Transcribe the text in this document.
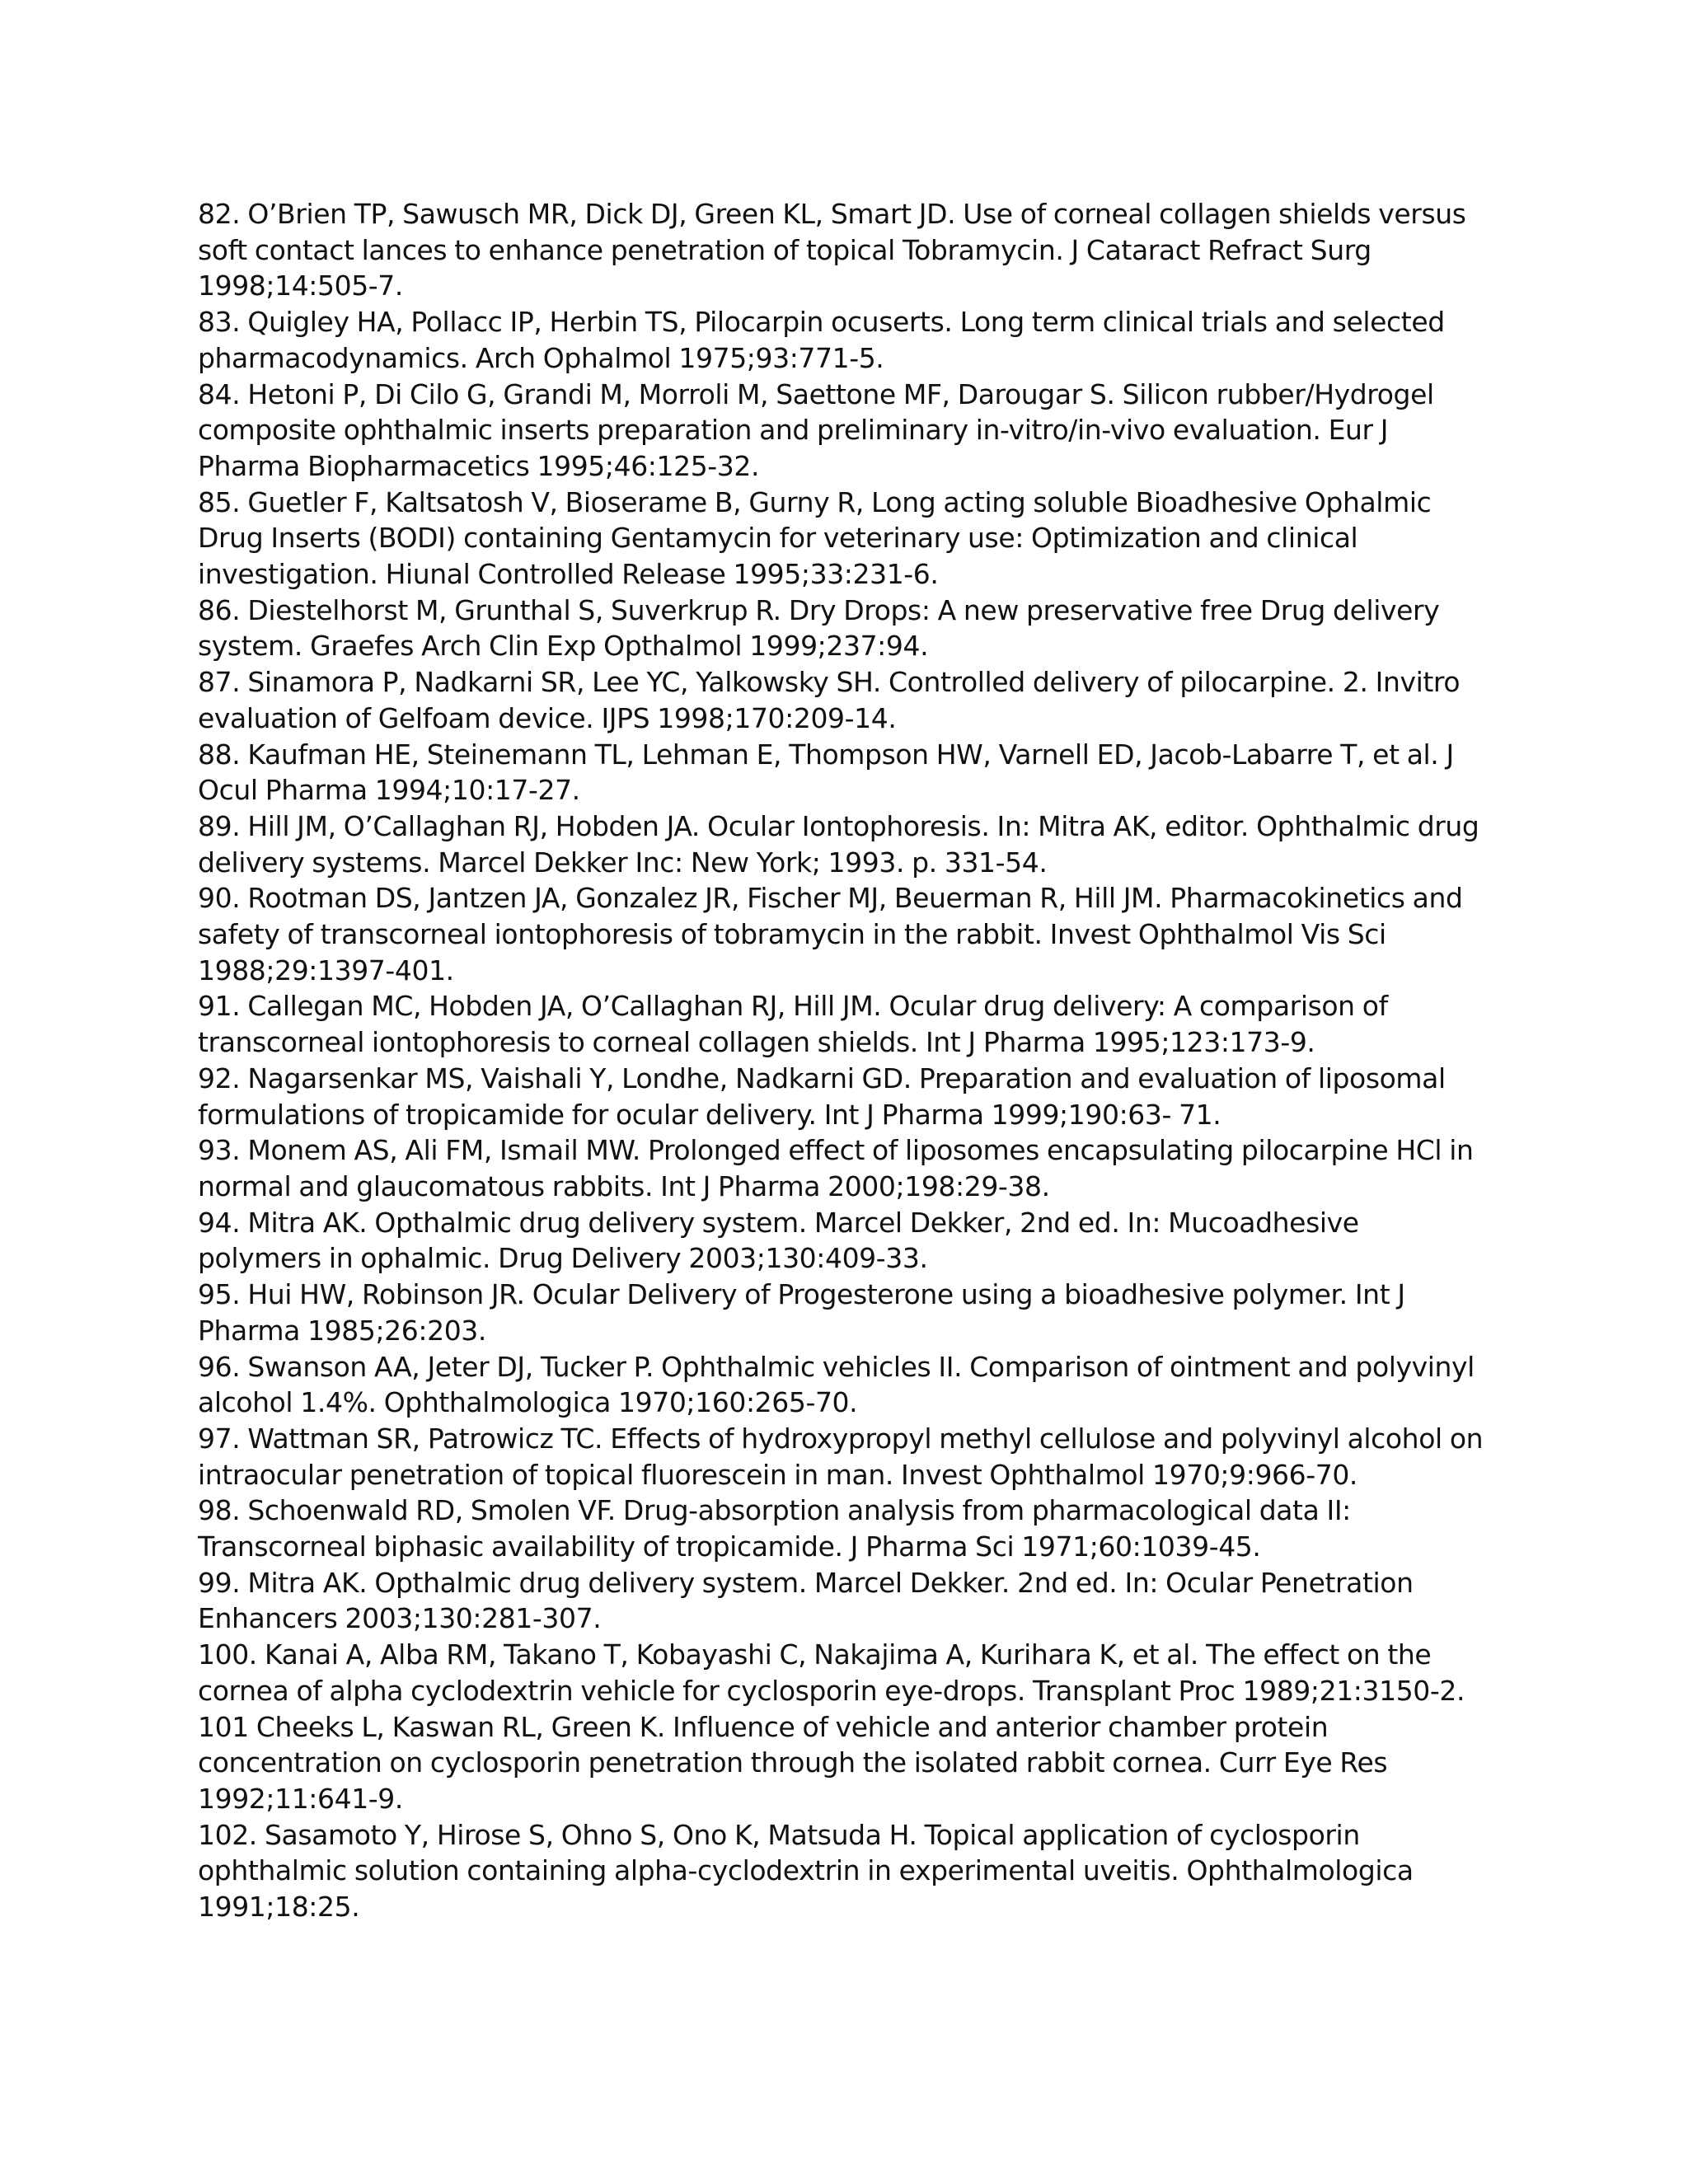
82. O’Brien TP, Sawusch MR, Dick DJ, Green KL, Smart JD. Use of corneal collagen shields versus soft contact lances to enhance penetration of topical Tobramycin. J Cataract Refract Surg 1998;14:505-7.
83. Quigley HA, Pollacc IP, Herbin TS, Pilocarpin ocuserts. Long term clinical trials and selected pharmacodynamics. Arch Ophalmol 1975;93:771-5.
84. Hetoni P, Di Cilo G, Grandi M, Morroli M, Saettone MF, Darougar S. Silicon rubber/Hydrogel composite ophthalmic inserts preparation and preliminary in-vitro/in-vivo evaluation. Eur J Pharma Biopharmacetics 1995;46:125-32.
85. Guetler F, Kaltsatosh V, Bioserame B, Gurny R, Long acting soluble Bioadhesive Ophalmic Drug Inserts (BODI) containing Gentamycin for veterinary use: Optimization and clinical investigation. Hiunal Controlled Release 1995;33:231-6.
86. Diestelhorst M, Grunthal S, Suverkrup R. Dry Drops: A new preservative free Drug delivery system. Graefes Arch Clin Exp Opthalmol 1999;237:94.
87. Sinamora P, Nadkarni SR, Lee YC, Yalkowsky SH. Controlled delivery of pilocarpine. 2. Invitro evaluation of Gelfoam device. IJPS 1998;170:209-14.
88. Kaufman HE, Steinemann TL, Lehman E, Thompson HW, Varnell ED, Jacob-Labarre T, et al. J Ocul Pharma 1994;10:17-27.
89. Hill JM, O’Callaghan RJ, Hobden JA. Ocular Iontophoresis. In: Mitra AK, editor. Ophthalmic drug delivery systems. Marcel Dekker Inc: New York; 1993. p. 331-54.
90. Rootman DS, Jantzen JA, Gonzalez JR, Fischer MJ, Beuerman R, Hill JM. Pharmacokinetics and safety of transcorneal iontophoresis of tobramycin in the rabbit. Invest Ophthalmol Vis Sci 1988;29:1397-401.
91. Callegan MC, Hobden JA, O’Callaghan RJ, Hill JM. Ocular drug delivery: A comparison of transcorneal iontophoresis to corneal collagen shields. Int J Pharma 1995;123:173-9.
92. Nagarsenkar MS, Vaishali Y, Londhe, Nadkarni GD. Preparation and evaluation of liposomal formulations of tropicamide for ocular delivery. Int J Pharma 1999;190:63- 71.
93. Monem AS, Ali FM, Ismail MW. Prolonged effect of liposomes encapsulating pilocarpine HCl in normal and glaucomatous rabbits. Int J Pharma 2000;198:29-38.
94. Mitra AK. Opthalmic drug delivery system. Marcel Dekker, 2nd ed. In: Mucoadhesive polymers in ophalmic. Drug Delivery 2003;130:409-33.
95. Hui HW, Robinson JR. Ocular Delivery of Progesterone using a bioadhesive polymer. Int J Pharma 1985;26:203.
96. Swanson AA, Jeter DJ, Tucker P. Ophthalmic vehicles II. Comparison of ointment and polyvinyl alcohol 1.4%. Ophthalmologica 1970;160:265-70.
97. Wattman SR, Patrowicz TC. Effects of hydroxypropyl methyl cellulose and polyvinyl alcohol on intraocular penetration of topical fluorescein in man. Invest Ophthalmol 1970;9:966-70.
98. Schoenwald RD, Smolen VF. Drug-absorption analysis from pharmacological data II: Transcorneal biphasic availability of tropicamide. J Pharma Sci 1971;60:1039-45.
99. Mitra AK. Opthalmic drug delivery system. Marcel Dekker. 2nd ed. In: Ocular Penetration Enhancers 2003;130:281-307.
100. Kanai A, Alba RM, Takano T, Kobayashi C, Nakajima A, Kurihara K, et al. The effect on the cornea of alpha cyclodextrin vehicle for cyclosporin eye-drops. Transplant Proc 1989;21:3150-2.
101 Cheeks L, Kaswan RL, Green K. Influence of vehicle and anterior chamber protein concentration on cyclosporin penetration through the isolated rabbit cornea. Curr Eye Res 1992;11:641-9.
102. Sasamoto Y, Hirose S, Ohno S, Ono K, Matsuda H. Topical application of cyclosporin ophthalmic solution containing alpha-cyclodextrin in experimental uveitis. Ophthalmologica 1991;18:25.
